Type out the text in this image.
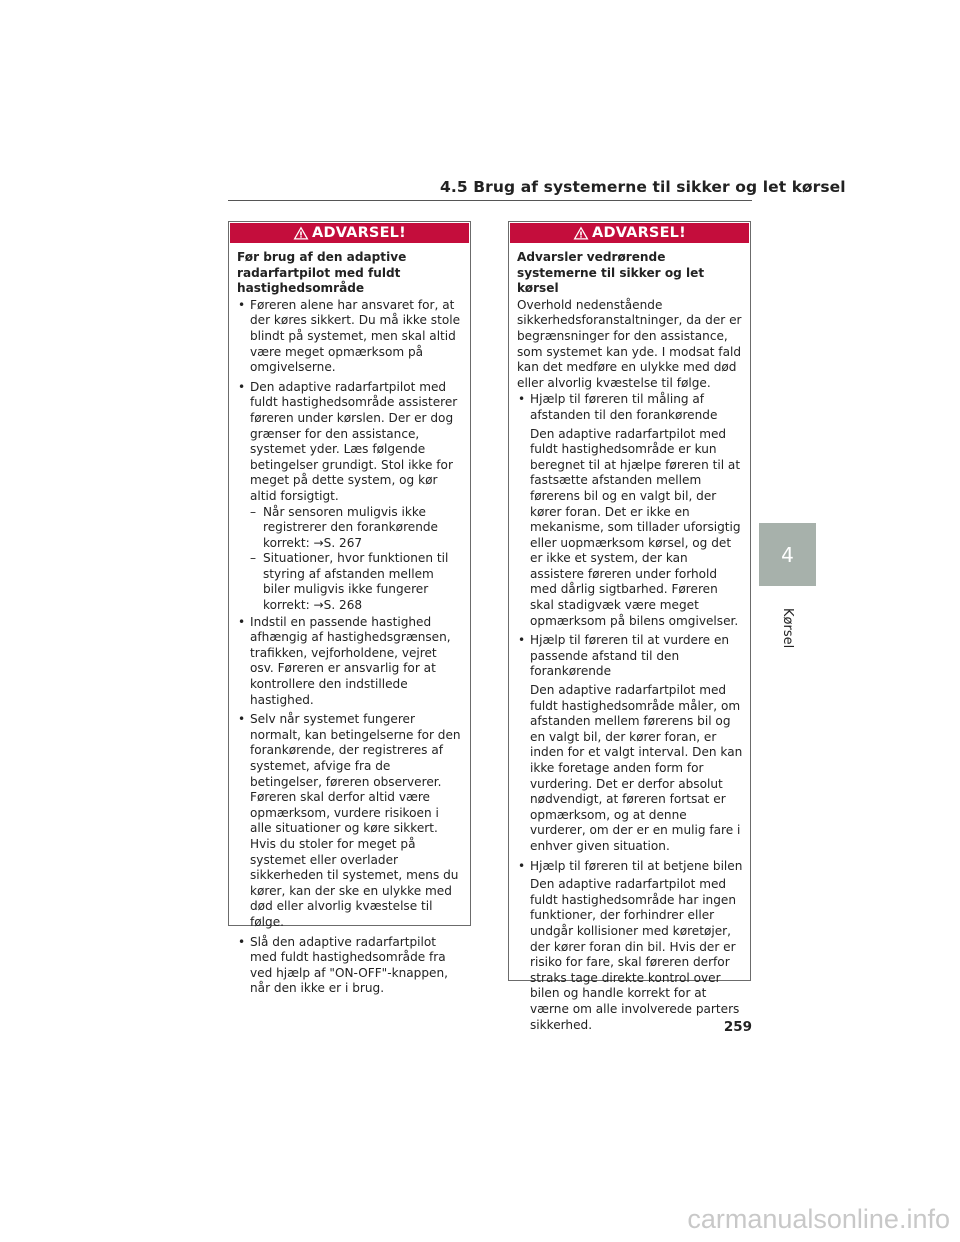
4.5 Brug af systemerne til sikker og let kørsel
ADVARSEL!
Før brug af den adaptive radarfartpilot med fuldt hastighedsområde
• Føreren alene har ansvaret for, at der køres sikkert. Du må ikke stole blindt på systemet, men skal altid være meget opmærksom på omgivelserne.
• Den adaptive radarfartpilot med fuldt hastighedsområde assisterer føreren under kørslen. Der er dog grænser for den assistance, systemet yder. Læs følgende betingelser grundigt. Stol ikke for meget på dette system, og kør altid forsigtigt.
– Når sensoren muligvis ikke registrerer den forankørende korrekt: →S. 267
– Situationer, hvor funktionen til styring af afstanden mellem biler muligvis ikke fungerer korrekt: →S. 268
• Indstil en passende hastighed afhængig af hastighedsgrænsen, trafikken, vejforholdene, vejret osv. Føreren er ansvarlig for at kontrollere den indstillede hastighed.
• Selv når systemet fungerer normalt, kan betingelserne for den forankørende, der registreres af systemet, afvige fra de betingelser, føreren observerer. Føreren skal derfor altid være opmærksom, vurdere risikoen i alle situationer og køre sikkert. Hvis du stoler for meget på systemet eller overlader sikkerheden til systemet, mens du kører, kan der ske en ulykke med død eller alvorlig kvæstelse til følge.
• Slå den adaptive radarfartpilot med fuldt hastighedsområde fra ved hjælp af "ON-OFF"-knappen, når den ikke er i brug.
ADVARSEL!
Advarsler vedrørende systemerne til sikker og let kørsel
Overhold nedenstående sikkerhedsforanstaltninger, da der er begrænsninger for den assistance, som systemet kan yde. I modsat fald kan det medføre en ulykke med død eller alvorlig kvæstelse til følge.
• Hjælp til føreren til måling af afstanden til den forankørende
Den adaptive radarfartpilot med fuldt hastighedsområde er kun beregnet til at hjælpe føreren til at fastsætte afstanden mellem førerens bil og en valgt bil, der kører foran. Det er ikke en mekanisme, som tillader uforsigtig eller uopmærksom kørsel, og det er ikke et system, der kan assistere føreren under forhold med dårlig sigtbarhed. Føreren skal stadigvæk være meget opmærksom på bilens omgivelser.
• Hjælp til føreren til at vurdere en passende afstand til den forankørende
Den adaptive radarfartpilot med fuldt hastighedsområde måler, om afstanden mellem førerens bil og en valgt bil, der kører foran, er inden for et valgt interval. Den kan ikke foretage anden form for vurdering. Det er derfor absolut nødvendigt, at føreren fortsat er opmærksom, og at denne vurderer, om der er en mulig fare i enhver given situation.
• Hjælp til føreren til at betjene bilen
Den adaptive radarfartpilot med fuldt hastighedsområde har ingen funktioner, der forhindrer eller undgår kollisioner med køretøjer, der kører foran din bil. Hvis der er risiko for fare, skal føreren derfor straks tage direkte kontrol over bilen og handle korrekt for at værne om alle involverede parters sikkerhed.
4
Kørsel
259
carmanualsonline.info
